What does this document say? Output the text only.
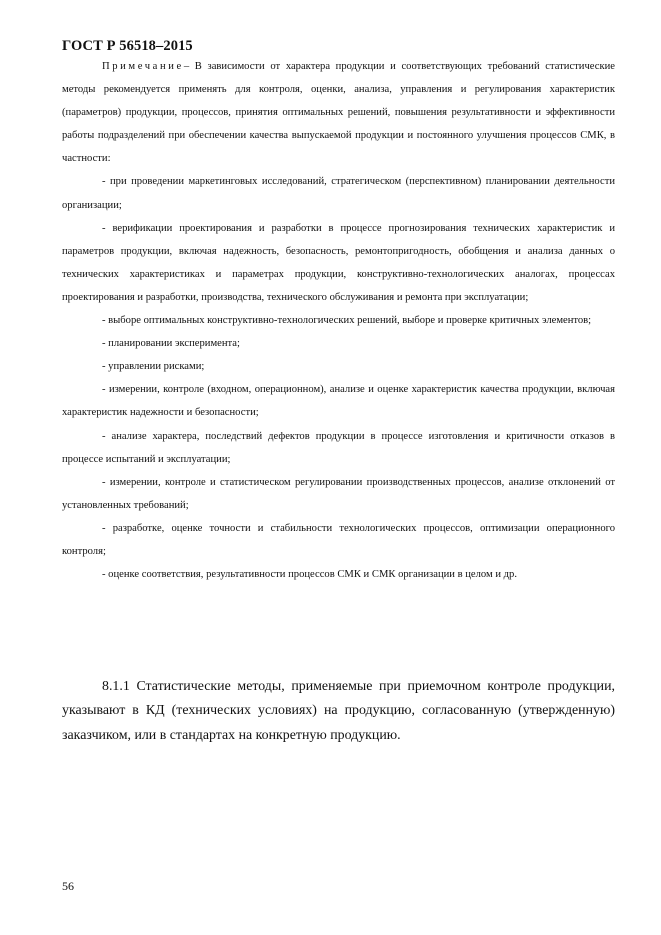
ГОСТ Р 56518–2015

Примечание– В зависимости от характера продукции и соответствующих требований статистические методы рекомендуется применять для контроля, оценки, анализа, управления и регулирования характеристик (параметров) продукции, процессов, принятия оптимальных решений, повышения результативности и эффективности работы подразделений при обеспечении качества выпускаемой продукции и постоянного улучшения процессов СМК, в частности:

- при проведении маркетинговых исследований, стратегическом (перспективном) планировании деятельности организации;

- верификации проектирования и разработки в процессе прогнозирования технических характеристик и параметров продукции, включая надежность, безопасность, ремонтопригодность, обобщения и анализа данных о технических характеристиках и параметрах продукции, конструктивно-технологических аналогах, процессах проектирования и разработки, производства, технического обслуживания и ремонта при эксплуатации;

- выборе оптимальных конструктивно-технологических решений, выборе и проверке критичных элементов;

- планировании эксперимента;

- управлении рисками;

- измерении, контроле (входном, операционном), анализе и оценке характеристик качества продукции, включая характеристик надежности и безопасности;

- анализе характера, последствий дефектов продукции в процессе изготовления и критичности отказов в процессе испытаний и эксплуатации;

- измерении, контроле и статистическом регулировании производственных процессов, анализе отклонений от установленных требований;

- разработке, оценке точности и стабильности технологических процессов, оптимизации операционного контроля;

- оценке соответствия, результативности процессов СМК и СМК организации в целом и др.

8.1.1 Статистические методы, применяемые при приемочном контроле продукции, указывают в КД (технических условиях) на продукцию, согласованную (утвержденную) заказчиком, или в стандартах на конкретную продукцию.

56
